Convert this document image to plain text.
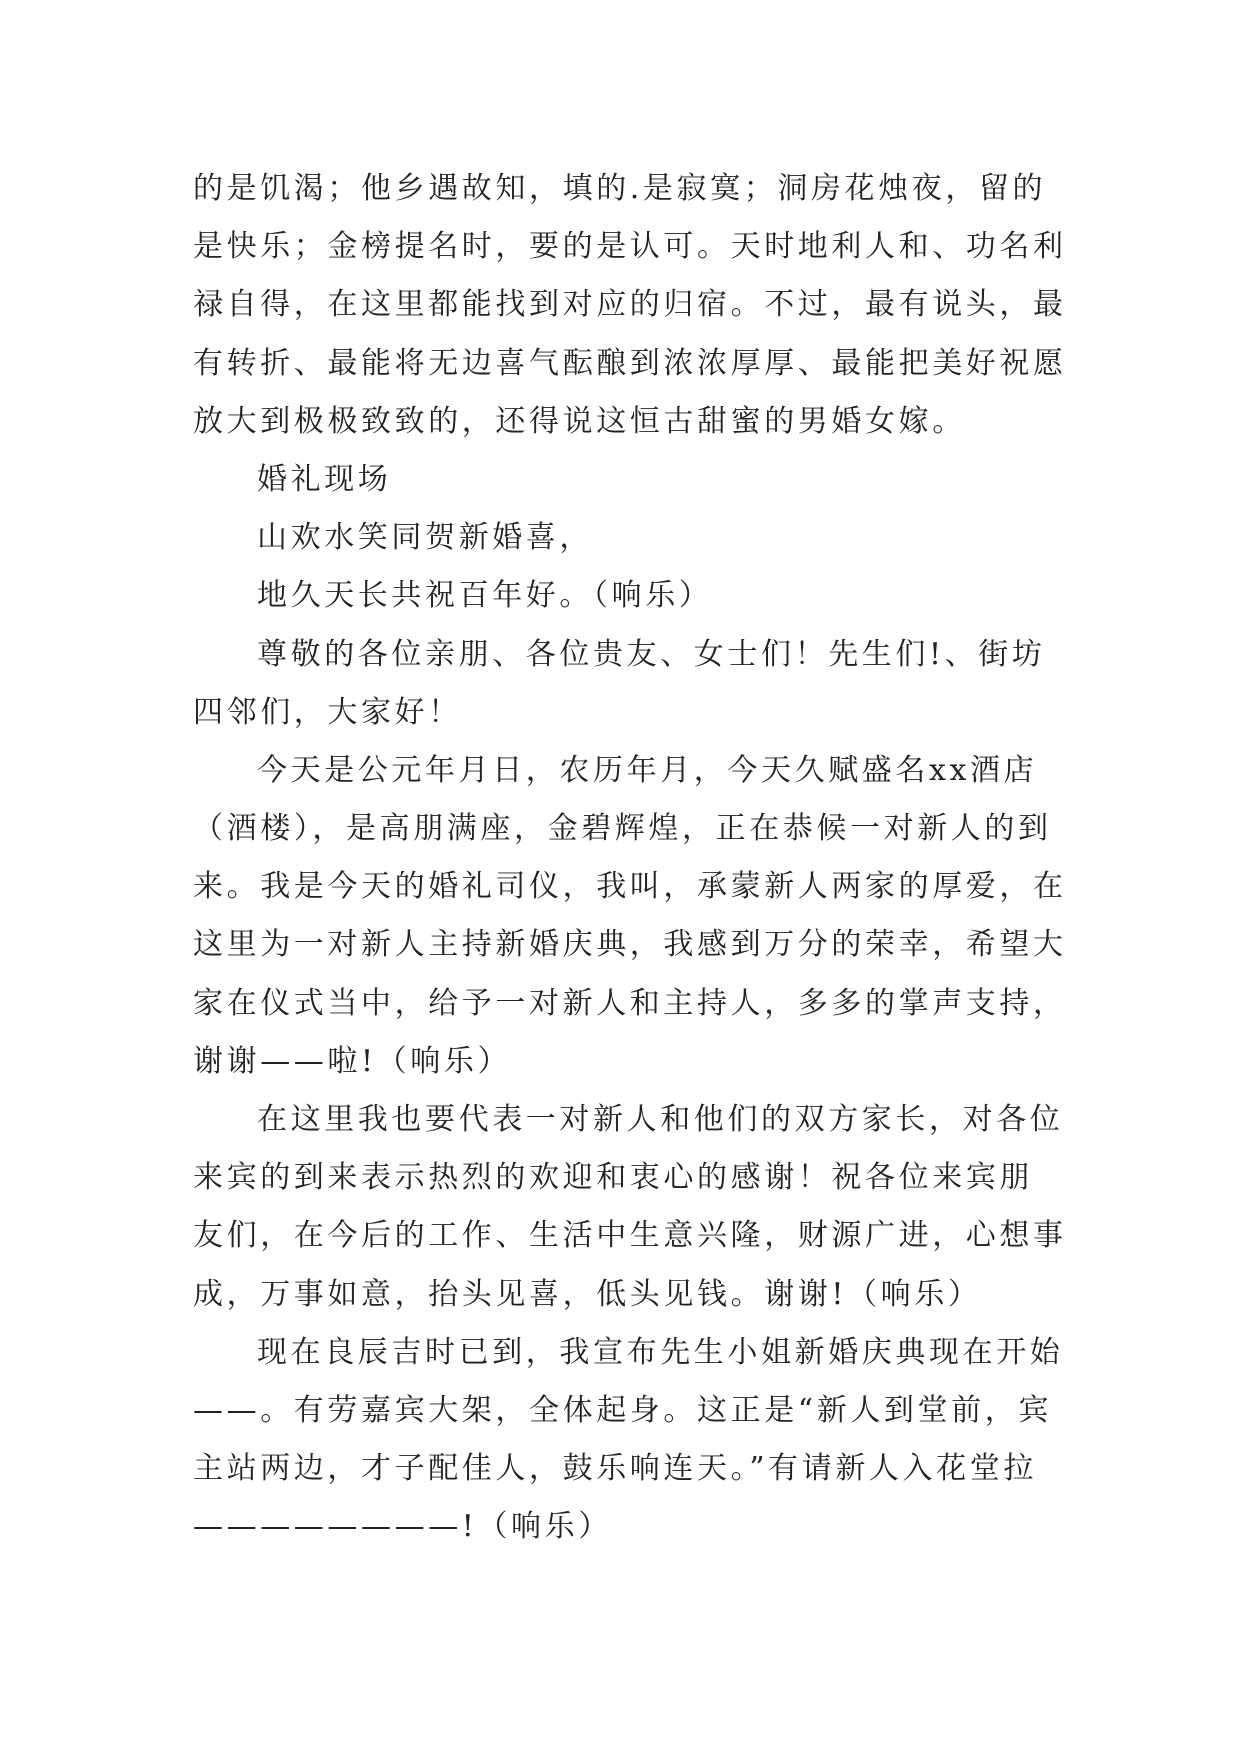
的是饥渴；他乡遇故知，填的.是寂寞；洞房花烛夜，留的
是快乐；金榜提名时，要的是认可。天时地利人和、功名利
禄自得，在这里都能找到对应的归宿。不过，最有说头，最
有转折、最能将无边喜气酝酿到浓浓厚厚、最能把美好祝愿
放大到极极致致的，还得说这恒古甜蜜的男婚女嫁。
婚礼现场
山欢水笑同贺新婚喜，
地久天长共祝百年好。（响乐）
尊敬的各位亲朋、各位贵友、女士们！先生们!、街坊
四邻们，大家好！
今天是公元年月日，农历年月，今天久赋盛名xx酒店
（酒楼），是高朋满座，金碧辉煌，正在恭候一对新人的到
来。我是今天的婚礼司仪，我叫，承蒙新人两家的厚爱，在
这里为一对新人主持新婚庆典，我感到万分的荣幸，希望大
家在仪式当中，给予一对新人和主持人，多多的掌声支持，
谢谢——啦!（响乐）
在这里我也要代表一对新人和他们的双方家长，对各位
来宾的到来表示热烈的欢迎和衷心的感谢！祝各位来宾朋
友们，在今后的工作、生活中生意兴隆，财源广进，心想事
成，万事如意，抬头见喜，低头见钱。谢谢!（响乐）
现在良辰吉时已到，我宣布先生小姐新婚庆典现在开始
——。有劳嘉宾大架，全体起身。这正是“新人到堂前，宾
主站两边，才子配佳人，鼓乐响连天。”有请新人入花堂拉
————————!（响乐）
